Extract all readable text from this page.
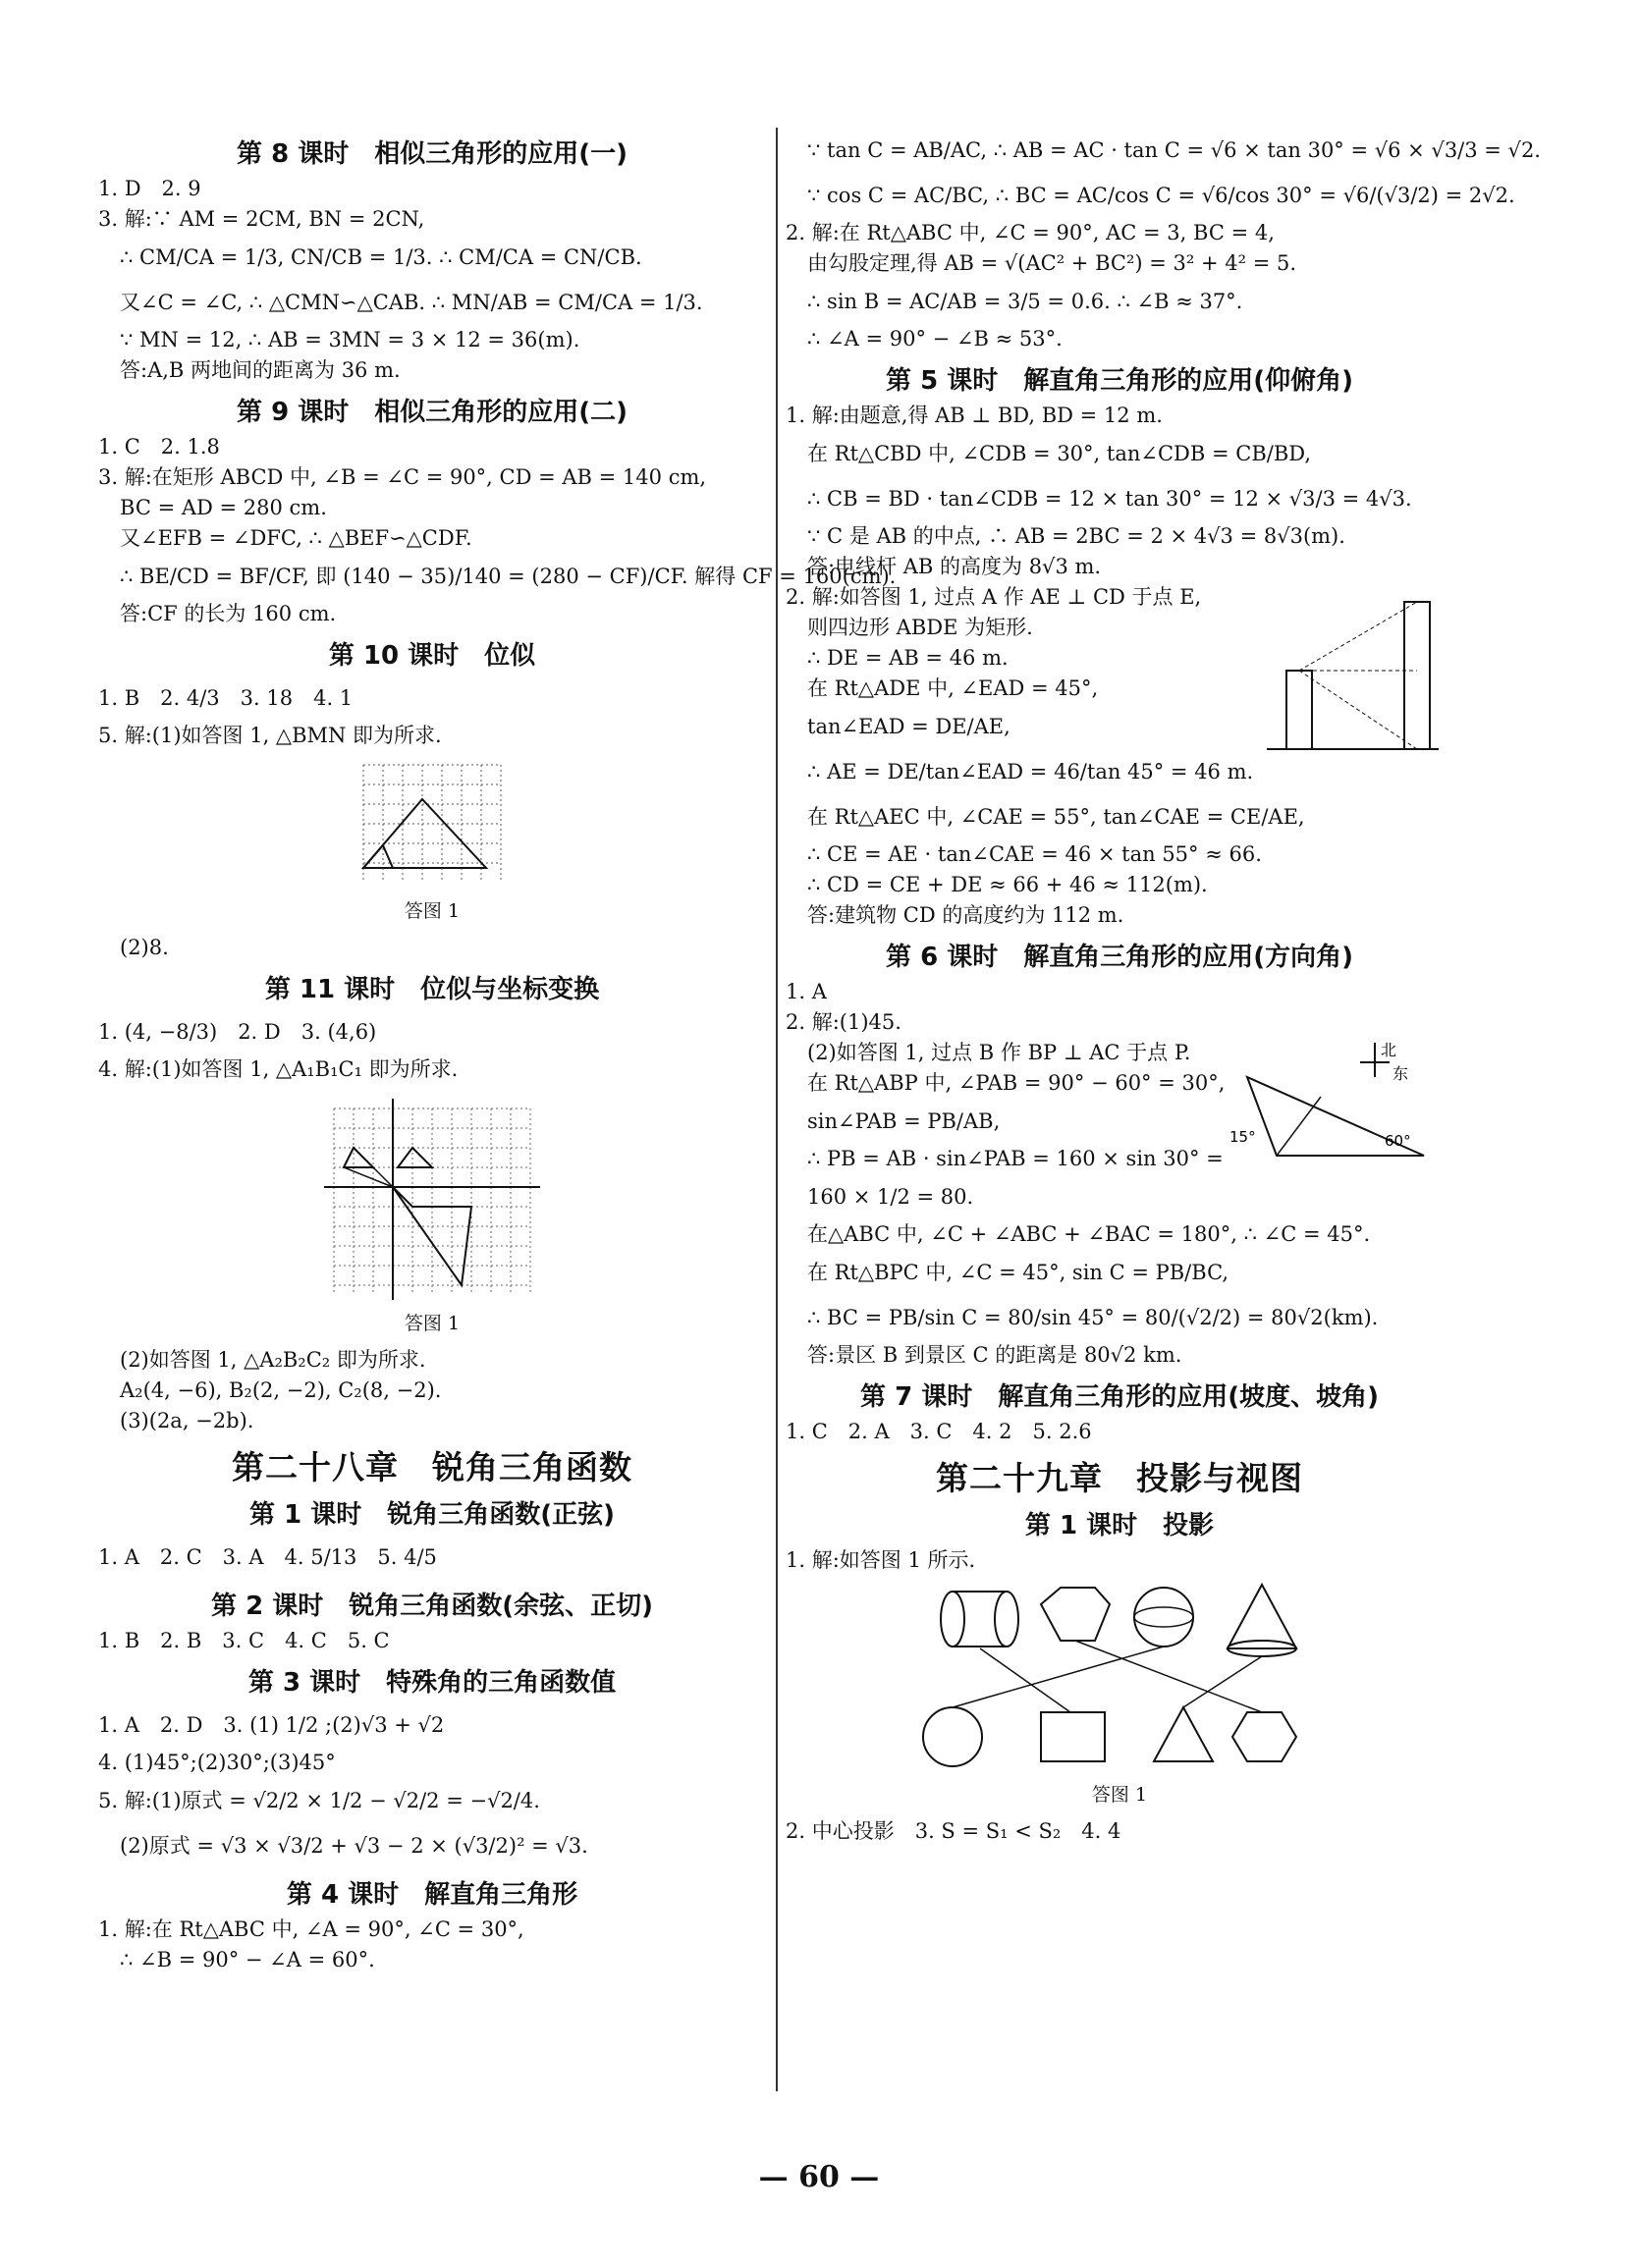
第 8 课时　相似三角形的应用(一)
1. D　2. 9
3. 解:∵ AM = 2CM, BN = 2CN,
∴ CM/CA = 1/3, CN/CB = 1/3. ∴ CM/CA = CN/CB.
又∠C = ∠C, ∴ △CMN∽△CAB. ∴ MN/AB = CM/CA = 1/3.
∵ MN = 12, ∴ AB = 3MN = 3 × 12 = 36(m).
答:A,B 两地间的距离为 36 m.
第 9 课时　相似三角形的应用(二)
1. C　2. 1.8
3. 解:在矩形 ABCD 中, ∠B = ∠C = 90°, CD = AB = 140 cm,
BC = AD = 280 cm.
又∠EFB = ∠DFC, ∴ △BEF∽△CDF.
∴ BE/CD = BF/CF, 即 (140 − 35)/140 = (280 − CF)/CF. 解得 CF = 160(cm).
答:CF 的长为 160 cm.
第 10 课时　位似
1. B　2. 4/3　3. 18　4. 1
5. 解:(1)如答图 1, △BMN 即为所求.
答图 1
(2)8.
第 11 课时　位似与坐标变换
1. (4, −8/3)　2. D　3. (4,6)
4. 解:(1)如答图 1, △A₁B₁C₁ 即为所求.
答图 1
(2)如答图 1, △A₂B₂C₂ 即为所求.
A₂(4, −6), B₂(2, −2), C₂(8, −2).
(3)(2a, −2b).
第二十八章　锐角三角函数
第 1 课时　锐角三角函数(正弦)
1. A　2. C　3. A　4. 5/13　5. 4/5
第 2 课时　锐角三角函数(余弦、正切)
1. B　2. B　3. C　4. C　5. C
第 3 课时　特殊角的三角函数值
1. A　2. D　3. (1) 1/2 ;(2)√3 + √2
4. (1)45°;(2)30°;(3)45°
5. 解:(1)原式 = √2/2 × 1/2 − √2/2 = −√2/4.
(2)原式 = √3 × √3/2 + √3 − 2 × (√3/2)² = √3.
第 4 课时　解直角三角形
1. 解:在 Rt△ABC 中, ∠A = 90°, ∠C = 30°,
∴ ∠B = 90° − ∠A = 60°.
∵ tan C = AB/AC, ∴ AB = AC · tan C = √6 × tan 30° = √6 × √3/3 = √2.
∵ cos C = AC/BC, ∴ BC = AC/cos C = √6/cos 30° = √6/(√3/2) = 2√2.
2. 解:在 Rt△ABC 中, ∠C = 90°, AC = 3, BC = 4,
由勾股定理,得 AB = √(AC² + BC²) = 3² + 4² = 5.
∴ sin B = AC/AB = 3/5 = 0.6. ∴ ∠B ≈ 37°.
∴ ∠A = 90° − ∠B ≈ 53°.
第 5 课时　解直角三角形的应用(仰俯角)
1. 解:由题意,得 AB ⊥ BD, BD = 12 m.
在 Rt△CBD 中, ∠CDB = 30°, tan∠CDB = CB/BD,
∴ CB = BD · tan∠CDB = 12 × tan 30° = 12 × √3/3 = 4√3.
∵ C 是 AB 的中点, ∴ AB = 2BC = 2 × 4√3 = 8√3(m).
答:电线杆 AB 的高度为 8√3 m.
2. 解:如答图 1, 过点 A 作 AE ⊥ CD 于点 E,
则四边形 ABDE 为矩形.
∴ DE = AB = 46 m.
在 Rt△ADE 中, ∠EAD = 45°,
tan∠EAD = DE/AE,
∴ AE = DE/tan∠EAD = 46/tan 45° = 46 m.
在 Rt△AEC 中, ∠CAE = 55°, tan∠CAE = CE/AE,
∴ CE = AE · tan∠CAE = 46 × tan 55° ≈ 66.
∴ CD = CE + DE ≈ 66 + 46 ≈ 112(m).
答:建筑物 CD 的高度约为 112 m.
第 6 课时　解直角三角形的应用(方向角)
1. A
2. 解:(1)45.
(2)如答图 1, 过点 B 作 BP ⊥ AC 于点 P.
在 Rt△ABP 中, ∠PAB = 90° − 60° = 30°,
sin∠PAB = PB/AB,
∴ PB = AB · sin∠PAB = 160 × sin 30° =
160 × 1/2 = 80.
北
东
60°
15°
在△ABC 中, ∠C + ∠ABC + ∠BAC = 180°, ∴ ∠C = 45°.
在 Rt△BPC 中, ∠C = 45°, sin C = PB/BC,
∴ BC = PB/sin C = 80/sin 45° = 80/(√2/2) = 80√2(km).
答:景区 B 到景区 C 的距离是 80√2 km.
第 7 课时　解直角三角形的应用(坡度、坡角)
1. C　2. A　3. C　4. 2　5. 2.6
第二十九章　投影与视图
第 1 课时　投影
1. 解:如答图 1 所示.
答图 1
2. 中心投影　3. S = S₁ < S₂　4. 4
— 60 —
